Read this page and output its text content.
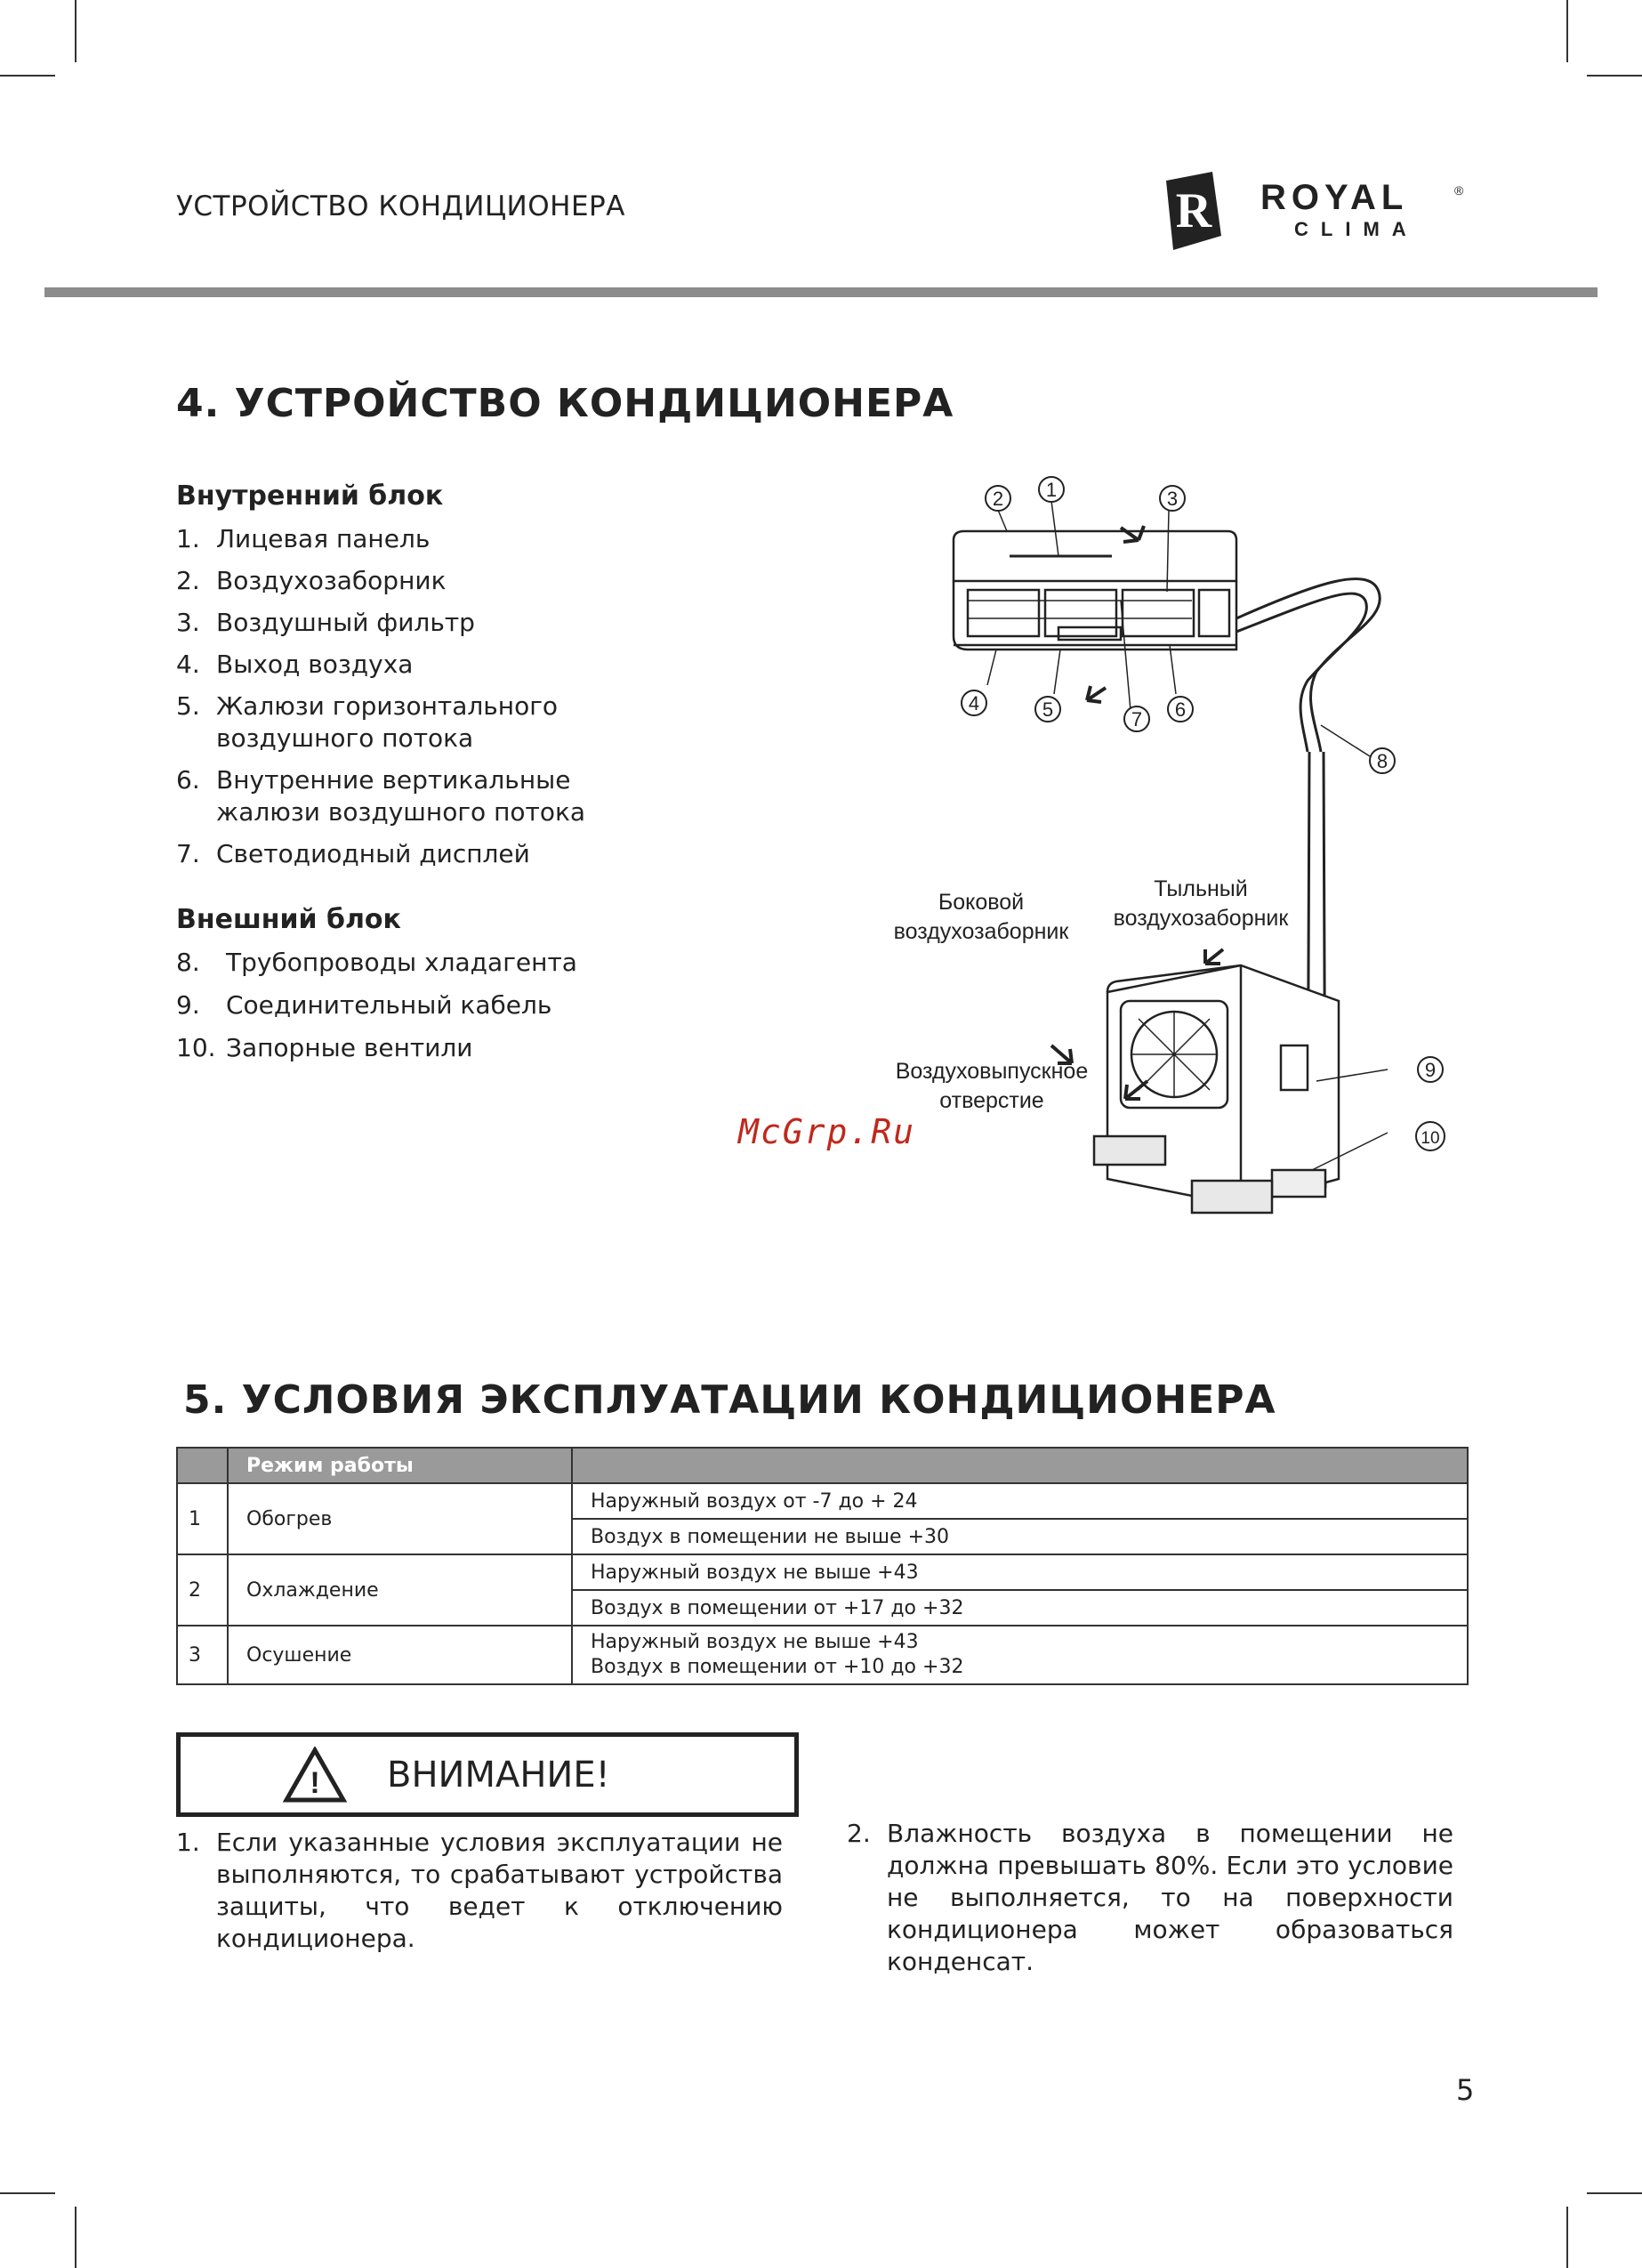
УСТРОЙСТВО КОНДИЦИОНЕРА	R ROYAL	®
CLIMA
4. УСТРОЙСТВО КОНДИЦИОНЕРА
Внутренний блок
1. Лицевая панель
2. Воздухозаборник
3. Воздушный фильтр
4. Выход воздуха
5. Жалюзи горизонтального воздушного потока
6. Внутренние вертикальные жалюзи воздушного потока
7. Светодиодный дисплей
Внешний блок
8.	Трубопроводы хладагента
9.	Соединительный кабель
10. Запорные вентили
2 1	3
4	5	7 6
8
9
10
Боковой
воздухозаборник
Тыльный
воздухозаборник
Воздуховыпускное
отверстие
McGrp.Ru
5. УСЛОВИЯ ЭКСПЛУАТАЦИИ КОНДИЦИОНЕРА
	Режим работы	
1	Обогрев	Наружный воздух от -7 до + 24
		Воздух в помещении не выше +30
2	Охлаждение	Наружный воздух не выше +43
		Воздух в помещении от +17 до +32
3	Осушение	Наружный воздух не выше +43
Воздух в помещении от +10 до +32
! ВНИМАНИЕ!
1. Если указанные условия эксплуатации не выполняются, то срабатывают устройства защиты, что ведет к отключению кондиционера.
2. Влажность воздуха в помещении не должна превышать 80%. Если это условие не выполняется, то на поверхности кондиционера может образоваться конденсат.
5
